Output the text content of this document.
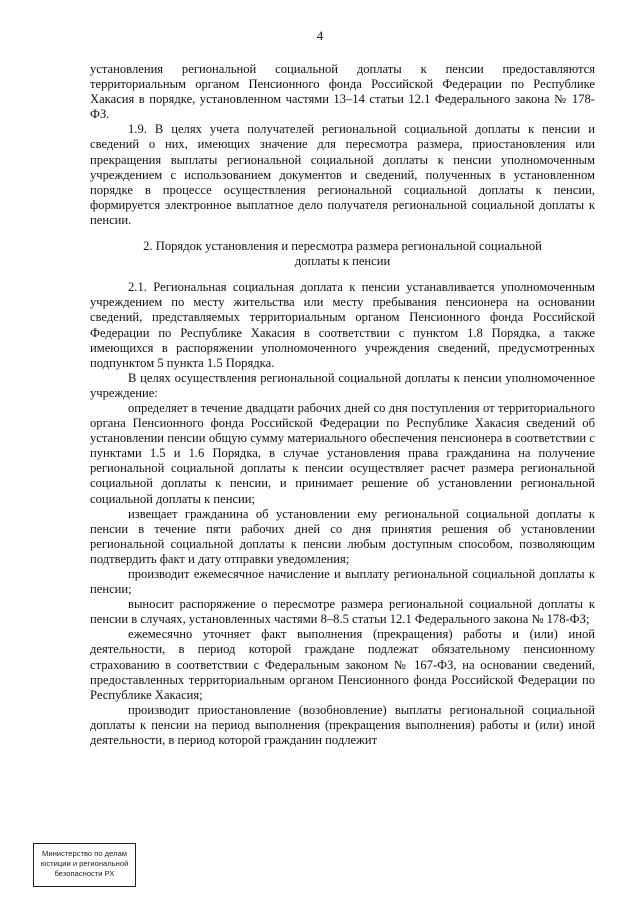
4

установления региональной социальной доплаты к пенсии предоставляются территориальным органом Пенсионного фонда Российской Федерации по Республике Хакасия в порядке, установленном частями 13–14 статьи 12.1 Федерального закона № 178-ФЗ.

1.9. В целях учета получателей региональной социальной доплаты к пенсии и сведений о них, имеющих значение для пересмотра размера, приостановления или прекращения выплаты региональной социальной доплаты к пенсии уполномоченным учреждением с использованием документов и сведений, полученных в установленном порядке в процессе осуществления региональной социальной доплаты к пенсии, формируется электронное выплатное дело получателя региональной социальной доплаты к пенсии.

2. Порядок установления и пересмотра размера региональной социальной доплаты к пенсии

2.1. Региональная социальная доплата к пенсии устанавливается уполномоченным учреждением по месту жительства или месту пребывания пенсионера на основании сведений, представляемых территориальным органом Пенсионного фонда Российской Федерации по Республике Хакасия в соответствии с пунктом 1.8 Порядка, а также имеющихся в распоряжении уполномоченного учреждения сведений, предусмотренных подпунктом 5 пункта 1.5 Порядка.

В целях осуществления региональной социальной доплаты к пенсии уполномоченное учреждение:

определяет в течение двадцати рабочих дней со дня поступления от территориального органа Пенсионного фонда Российской Федерации по Республике Хакасия сведений об установлении пенсии общую сумму материального обеспечения пенсионера в соответствии с пунктами 1.5 и 1.6 Порядка, в случае установления права гражданина на получение региональной социальной доплаты к пенсии осуществляет расчет размера региональной социальной доплаты к пенсии, и принимает решение об установлении региональной социальной доплаты к пенсии;

извещает гражданина об установлении ему региональной социальной доплаты к пенсии в течение пяти рабочих дней со дня принятия решения об установлении региональной социальной доплаты к пенсии любым доступным способом, позволяющим подтвердить факт и дату отправки уведомления;

производит ежемесячное начисление и выплату региональной социальной доплаты к пенсии;

выносит распоряжение о пересмотре размера региональной социальной доплаты к пенсии в случаях, установленных частями 8–8.5 статьи 12.1 Федерального закона № 178-ФЗ;

ежемесячно уточняет факт выполнения (прекращения) работы и (или) иной деятельности, в период которой граждане подлежат обязательному пенсионному страхованию в соответствии с Федеральным законом № 167-ФЗ, на основании сведений, предоставленных территориальным органом Пенсионного фонда Российской Федерации по Республике Хакасия;

производит приостановление (возобновление) выплаты региональной социальной доплаты к пенсии на период выполнения (прекращения выполнения) работы и (или) иной деятельности, в период которой гражданин подлежит

Министерство по делам
юстиции и региональной
безопасности РХ
